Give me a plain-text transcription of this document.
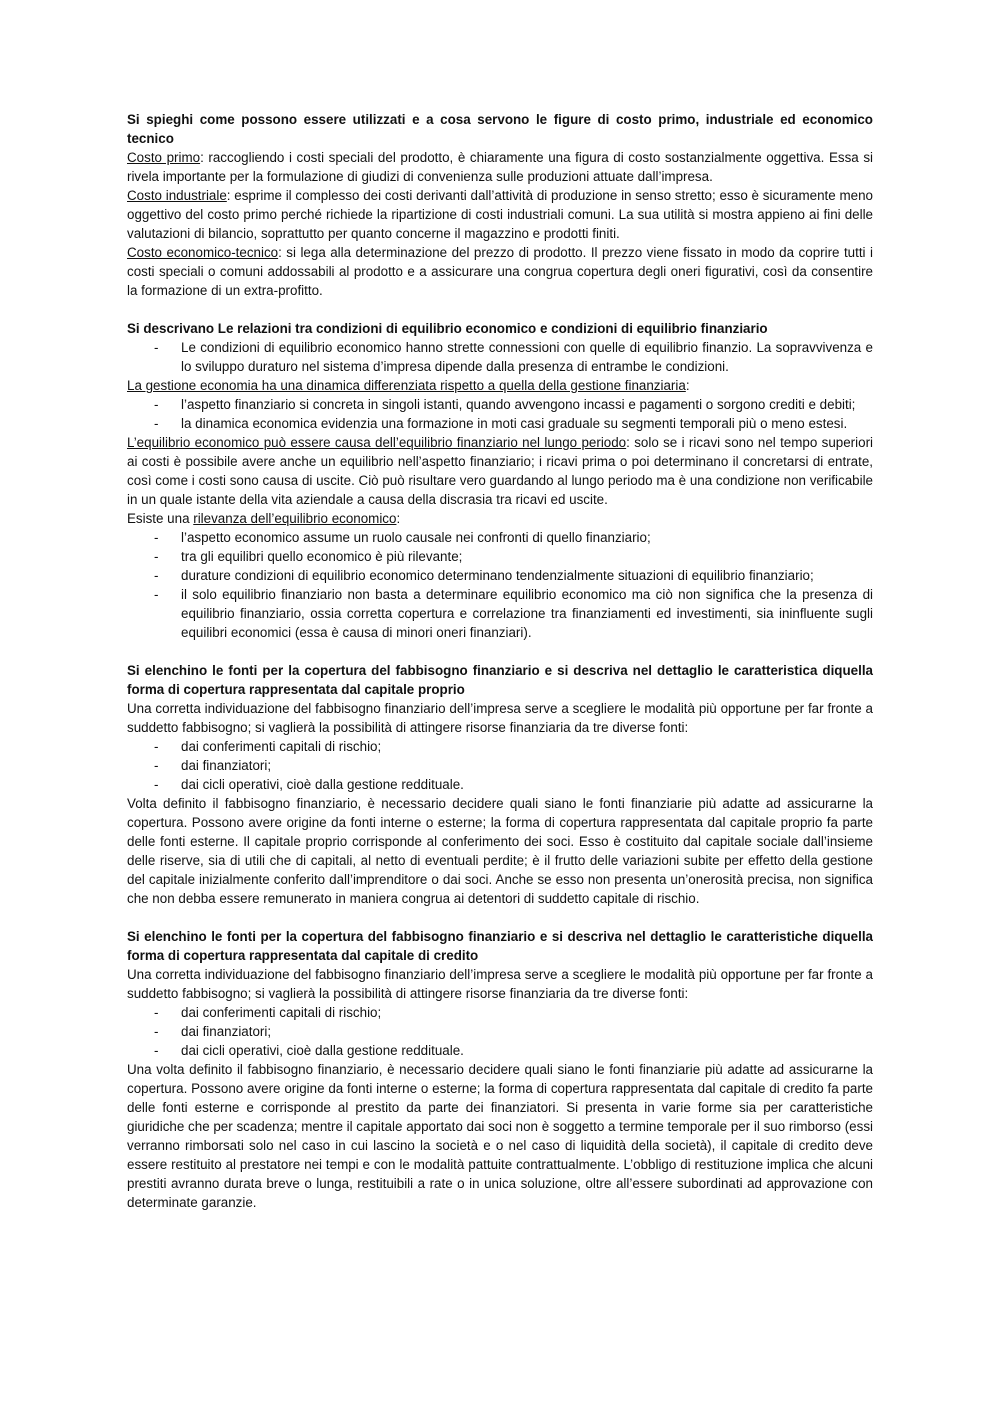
Si spieghi come possono essere utilizzati e a cosa servono le figure di costo primo, industriale ed economico tecnico

Costo primo: raccogliendo i costi speciali del prodotto, è chiaramente una figura di costo sostanzialmente oggettiva. Essa si rivela importante per la formulazione di giudizi di convenienza sulle produzioni attuate dall’impresa.

Costo industriale: esprime il complesso dei costi derivanti dall’attività di produzione in senso stretto; esso è sicuramente meno oggettivo del costo primo perché richiede la ripartizione di costi industriali comuni. La sua utilità si mostra appieno ai fini delle valutazioni di bilancio, soprattutto per quanto concerne il magazzino e prodotti finiti.

Costo economico-tecnico: si lega alla determinazione del prezzo di prodotto. Il prezzo viene fissato in modo da coprire tutti i costi speciali o comuni addossabili al prodotto e a assicurare una congrua copertura degli oneri figurativi, così da consentire la formazione di un extra-profitto.

Si descrivano Le relazioni tra condizioni di equilibrio economico e condizioni di equilibrio finanziario

- Le condizioni di equilibrio economico hanno strette connessioni con quelle di equilibrio finanzio. La sopravvivenza e lo sviluppo duraturo nel sistema d’impresa dipende dalla presenza di entrambe le condizioni.

La gestione economia ha una dinamica differenziata rispetto a quella della gestione finanziaria:

- l’aspetto finanziario si concreta in singoli istanti, quando avvengono incassi e pagamenti o sorgono crediti e debiti;
- la dinamica economica evidenzia una formazione in moti casi graduale su segmenti temporali più o meno estesi.

L’equilibrio economico può essere causa dell’equilibrio finanziario nel lungo periodo: solo se i ricavi sono nel tempo superiori ai costi è possibile avere anche un equilibrio nell’aspetto finanziario; i ricavi prima o poi determinano il concretarsi di entrate, così come i costi sono causa di uscite. Ciò può risultare vero guardando al lungo periodo ma è una condizione non verificabile in un quale istante della vita aziendale a causa della discrasia tra ricavi ed uscite.

Esiste una rilevanza dell’equilibrio economico:

- l’aspetto economico assume un ruolo causale nei confronti di quello finanziario;
- tra gli equilibri quello economico è più rilevante;
- durature condizioni di equilibrio economico determinano tendenzialmente situazioni di equilibrio finanziario;
- il solo equilibrio finanziario non basta a determinare equilibrio economico ma ciò non significa che la presenza di equilibrio finanziario, ossia corretta copertura e correlazione tra finanziamenti ed investimenti, sia ininfluente sugli equilibri economici (essa è causa di minori oneri finanziari).

Si elenchino le fonti per la copertura del fabbisogno finanziario e si descriva nel dettaglio le caratteristica diquella forma di copertura rappresentata dal capitale proprio

Una corretta individuazione del fabbisogno finanziario dell’impresa serve a scegliere le modalità più opportune per far fronte a suddetto fabbisogno; si vaglierà la possibilità di attingere risorse finanziaria da tre diverse fonti:

- dai conferimenti capitali di rischio;
- dai finanziatori;
- dai cicli operativi, cioè dalla gestione reddituale.

Volta definito il fabbisogno finanziario, è necessario decidere quali siano le fonti finanziarie più adatte ad assicurarne la copertura. Possono avere origine da fonti interne o esterne; la forma di copertura rappresentata dal capitale proprio fa parte delle fonti esterne. Il capitale proprio corrisponde al conferimento dei soci. Esso è costituito dal capitale sociale dall’insieme delle riserve, sia di utili che di capitali, al netto di eventuali perdite; è il frutto delle variazioni subite per effetto della gestione del capitale inizialmente conferito dall’imprenditore o dai soci. Anche se esso non presenta un’onerosità precisa, non significa che non debba essere remunerato in maniera congrua ai detentori di suddetto capitale di rischio.

Si elenchino le fonti per la copertura del fabbisogno finanziario e si descriva nel dettaglio le caratteristiche diquella forma di copertura rappresentata dal capitale di credito

Una corretta individuazione del fabbisogno finanziario dell’impresa serve a scegliere le modalità più opportune per far fronte a suddetto fabbisogno; si vaglierà la possibilità di attingere risorse finanziaria da tre diverse fonti:

- dai conferimenti capitali di rischio;
- dai finanziatori;
- dai cicli operativi, cioè dalla gestione reddituale.

Una volta definito il fabbisogno finanziario, è necessario decidere quali siano le fonti finanziarie più adatte ad assicurarne la copertura. Possono avere origine da fonti interne o esterne; la forma di copertura rappresentata dal capitale di credito fa parte delle fonti esterne e corrisponde al prestito da parte dei finanziatori. Si presenta in varie forme sia per caratteristiche giuridiche che per scadenza; mentre il capitale apportato dai soci non è soggetto a termine temporale per il suo rimborso (essi verranno rimborsati solo nel caso in cui lascino la società e o nel caso di liquidità della società), il capitale di credito deve essere restituito al prestatore nei tempi e con le modalità pattuite contrattualmente. L’obbligo di restituzione implica che alcuni prestiti avranno durata breve o lunga, restituibili a rate o in unica soluzione, oltre all’essere subordinati ad approvazione con determinate garanzie.
